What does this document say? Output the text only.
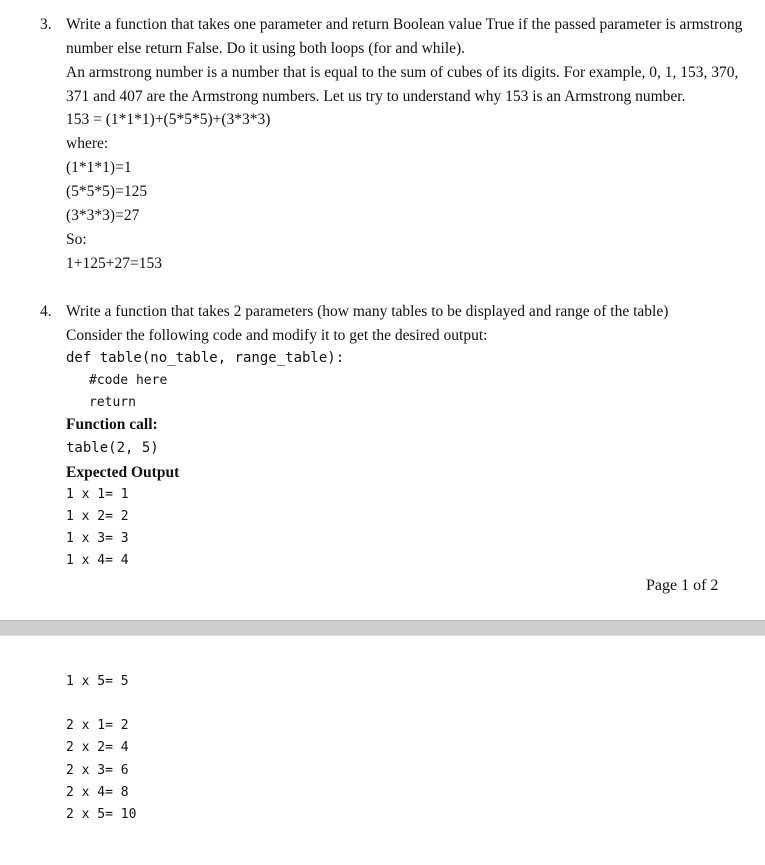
3. Write a function that takes one parameter and return Boolean value True if the passed parameter is armstrong
number else return False. Do it using both loops (for and while).
An armstrong number is a number that is equal to the sum of cubes of its digits. For example, 0, 1, 153, 370,
371 and 407 are the Armstrong numbers. Let us try to understand why 153 is an Armstrong number.
153 = (1*1*1)+(5*5*5)+(3*3*3)
where:
(1*1*1)=1
(5*5*5)=125
(3*3*3)=27
So:
1+125+27=153
4. Write a function that takes 2 parameters (how many tables to be displayed and range of the table)
Consider the following code and modify it to get the desired output:
def table(no_table, range_table):
#code here
return
Function call:
table(2, 5)
Expected Output
1 x 1= 1
1 x 2= 2
1 x 3= 3
1 x 4= 4
Page 1 of 2
1 x 5= 5
2 x 1= 2
2 x 2= 4
2 x 3= 6
2 x 4= 8
2 x 5= 10
